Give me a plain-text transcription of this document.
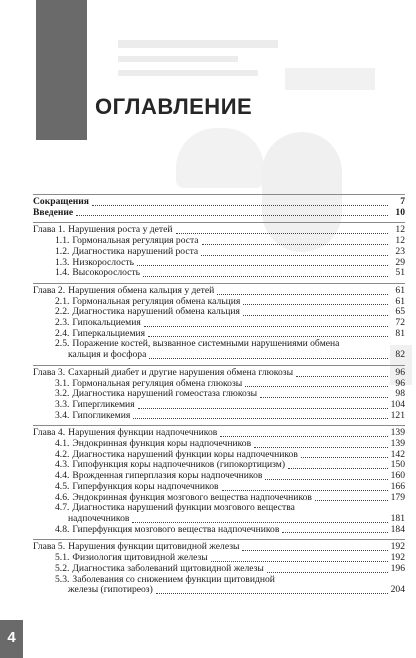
ОГЛАВЛЕНИЕ
Сокращения	7
Введение	10
Глава 1. Нарушения роста у детей	12
1.1. Гормональная регуляция роста	12
1.2. Диагностика нарушений роста	23
1.3. Низкорослость	29
1.4. Высокорослость	51
Глава 2. Нарушения обмена кальция у детей	61
2.1. Гормональная регуляция обмена кальция	61
2.2. Диагностика нарушений обмена кальция	65
2.3. Гипокальциемия	72
2.4. Гиперкальциемия	81
2.5. Поражение костей, вызванное системными нарушениями обмена
кальция и фосфора	82
Глава 3. Сахарный диабет и другие нарушения обмена глюкозы	96
3.1. Гормональная регуляция обмена глюкозы	96
3.2. Диагностика нарушений гомеостаза глюкозы	98
3.3. Гипергликемия	104
3.4. Гипогликемия	121
Глава 4. Нарушения функции надпочечников	139
4.1. Эндокринная функция коры надпочечников	139
4.2. Диагностика нарушений функции коры надпочечников	142
4.3. Гипофункция коры надпочечников (гипокортицизм)	150
4.4. Врожденная гиперплазия коры надпочечников	160
4.5. Гиперфункция коры надпочечников	166
4.6. Эндокринная функция мозгового вещества надпочечников	179
4.7. Диагностика нарушений функции мозгового вещества
надпочечников	181
4.8. Гиперфункция мозгового вещества надпочечников	184
Глава 5. Нарушения функции щитовидной железы	192
5.1. Физиология щитовидной железы	192
5.2. Диагностика заболеваний щитовидной железы	196
5.3. Заболевания со снижением функции щитовидной
железы (гипотиреоз)	204
4
